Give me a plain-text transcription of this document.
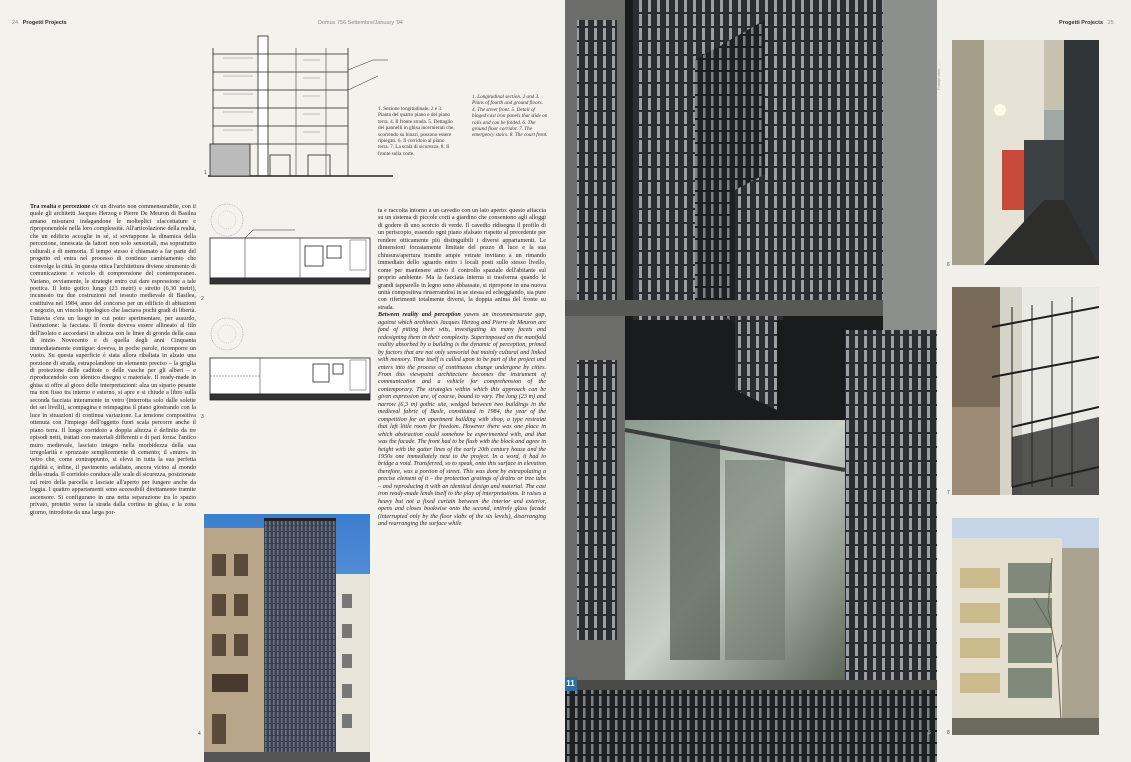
24 Progetti Projects	Domus 756 Settembre/January '94
1
1. Sezione longitudinale. 2 e 3. Pianta del quarto piano e del piano terra. 4. Il fronte strada. 5. Dettaglio dei pannelli in ghisa incernierati che, scorrendo su binari, possono essere ripiegati. 6. Il corridoio al piano terra. 7. La scala di sicurezza. 8. Il fronte sulla corte.
1. Longitudinal section. 2 and 3. Plans of fourth and ground floors. 4. The street front. 5. Detail of hinged cast iron panels that slide on rails and can be folded. 6. The ground floor corridor. 7. The emergency stairs. 8. The court front.
2
3

Tra realtà e percezione c'è un divario non commensurabile, con il quale gli architetti Jacques Herzog e Pierre De Meuron di Basilea amano misurarsi indagandone le molteplici sfaccettature e riproponendole nella loro complessità. All'articolazione della realtà, che un edificio accoglie in sé, si sovrappone la dinamica della percezione, innescata da fattori non solo sensoriali, ma soprattutto culturali e di memoria. Il tempo stesso è chiamato a far parte del progetto ed entra nel processo di continuo cambiamento che coinvolge la città. In questa ottica l'architettura diviene strumento di comunicazione e veicolo di comprensione del contemporaneo. Variano, ovviamente, le strategie entro cui dare espressione a tale poetica. Il lotto gotico lungo (23 metri) e stretto (6,30 metri), incuneato tra due costruzioni nel tessuto medievale di Basilea, costituiva nel 1984, anno del concorso per un edificio di abitazioni e negozio, un vincolo tipologico che lasciava pochi gradi di libertà. Tuttavia c'era un luogo in cui poter sperimentare, per assurdo, l'astrazione: la facciata. Il fronte doveva essere allineato al filo dell'isolato e accordarsi in altezza con le linee di gronda della casa di inizio Novecento e di quella degli anni Cinquanta immediatamente contigue: doveva, in poche parole, ricomporre un vuoto. Su questa superficie è stata allora ribaltata in alzato una porzione di strada, estrapolandone un elemento preciso – la griglia di protezione delle caditoie o delle vasche per gli alberi – e riproducendolo con identico disegno e materiale. Il ready-made in ghisa si offre al gioco delle interpretazioni: alza un sipario pesante ma non fisso tra interno e esterno, si apre e si chiude a libro sulla seconda facciata interamente in vetro (interrotta solo dalle solette dei sei livelli), scompagina e reimpagina il piano giostrando con la luce in situazioni di continua variazione. La tensione compositiva ottenuta con l'impiego dell'oggetto fuori scala percorre anche il piano terra. Il lungo corridoio a doppia altezza è definito da tre episodi netti, trattati con materiali differenti e di pari forza: l'antico muro medievale, lasciato integro nella morbidezza della sua irregolarità e spruzzato semplicemente di cemento; il «muro» in vetro che, come contrappunto, si eleva in tutta la sua perfetta rigidità e, infine, il pavimento asfaltato, ancora vicino al mondo della strada. Il corridoio conduce alle scale di sicurezza, posizionate sul retro della parcella e lasciate all'aperto per fungere anche da loggia. I quattro appartamenti sono accessibili direttamente tramite ascensore. Si configurano in una netta separazione tra lo spazio privato, protetto verso la strada dalla cortina in ghisa, e la zona giorno, introdotta da una larga por-

ta e raccolta intorno a un cavedio con un lato aperto: questo affaccia su un sistema di piccole corti a giardino che consentono agli alloggi di godere di uno scorcio di verde. Il cavedio ridisegna il profilo di un periscopio, essendo ogni piano sfalsato rispetto al precedente per rendere otticamente più distinguibili i diversi appartamenti. Le dimensioni forzatamente limitate del pozzo di luce e la sua chiusura/apertura tramite ampie vetrate invitano a un rimando immediato dello sguardo entro i locali posti sullo stesso livello, come per mantenere attivo il controllo spaziale dell'abitante sul proprio ambiente. Ma la facciata interna si trasforma quando le grandi tapparelle in legno sono abbassate, si ripropone in una nuova unità compositiva rinserrandosi in se stessa ed echeggiando, sia pure con riferimenti totalmente diversi, la doppia anima del fronte su strada.

Between reality and perception yawns an incommensurate gap, against which architects Jacques Herzog and Pierre de Meuron are fond of pitting their wits, investigating its many facets and redesigning them in their complexity. Superimposed on the manifold reality absorbed by a building is the dynamic of perception, primed by factors that are not only sensorial but mainly cultural and linked with memory. Time itself is called upon to be part of the project and enters into the process of continuous change undergone by cities. From this viewpoint architecture becomes the instrument of communication and a vehicle for comprehension of the contemporary. The strategies within which this approach can be given expression are, of course, bound to vary. The long (23 m) and narrow (6,3 m) gothic site, wedged between two buildings in the medieval fabric of Basle, constituted in 1984, the year of the competition for an apartment building with shop, a type restraint that left little room for freedom. However there was one place in which abstraction could somehow be experimented with, and that was the facade. The front had to be flush with the block and agree in height with the gutter lines of the early 20th century house and the 1950s one immediately next to the project. In a word, it had to bridge a void. Transferred, so to speak, onto this surface in elevation therefore, was a portion of street. This was done by extrapolating a precise element of it – the protection gratings of drains or tree tubs – and reproducing it with an identical design and material. The cast iron ready-made lends itself to the play of interpretations. It raises a heavy but not a fixed curtain between the interior and exterior, opens and closes bookwise onto the second, entirely glass facade (interrupted only by the floor slabs of the six levels), disarranging and rearranging the surface while

4
Progetti Projects 25
11
Foto/photos: ...
6
7
8
5
